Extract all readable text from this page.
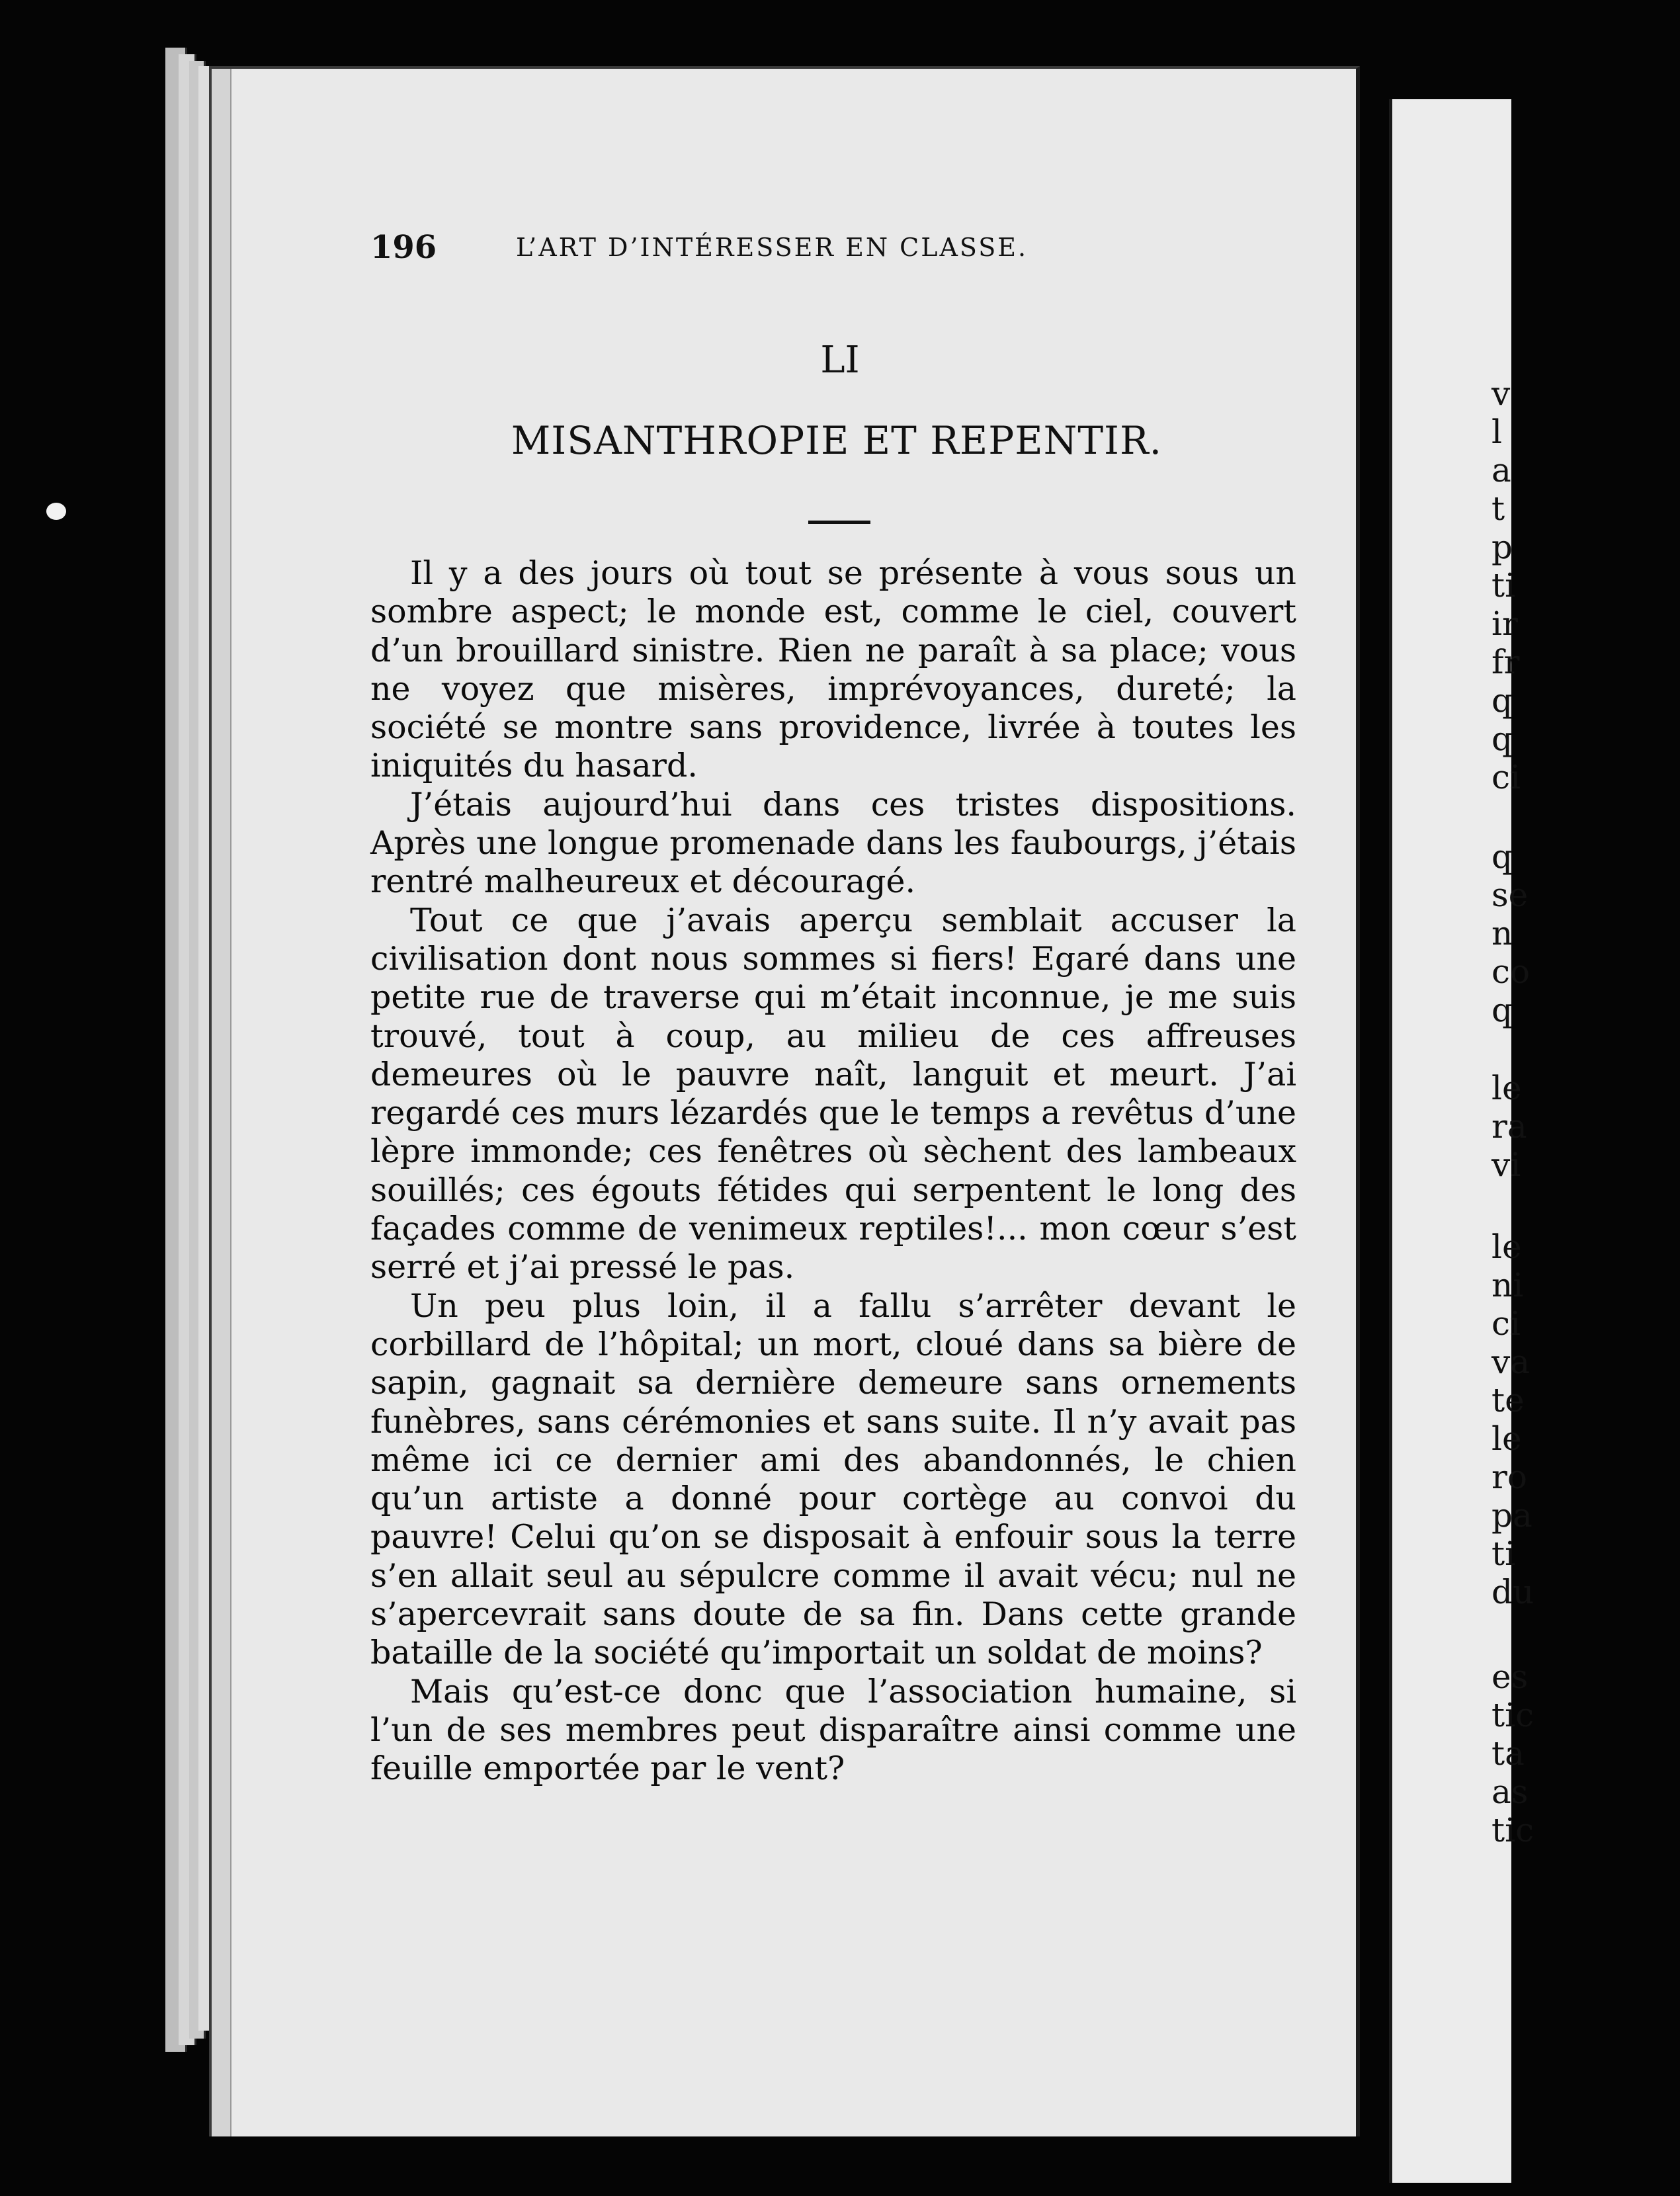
v
l
a
t
p
ti
ir
fr
q
q
ci
q
se
n
co
q
le
ra
vi
le
ni
ci
va
te
le
ro
pa
ti
du
es
tic
ta
as
tic
196	L’ART D’INTÉRESSER EN CLASSE.
LI
MISANTHROPIE ET REPENTIR.

Il y a des jours où tout se présente à vous sous un sombre aspect; le monde est, comme le ciel, couvert d’un brouillard sinistre. Rien ne paraît à sa place; vous ne voyez que misères, imprévoyances, dureté; la société se montre sans providence, livrée à toutes les iniquités du hasard.

J’étais aujourd’hui dans ces tristes dispositions. Après une longue promenade dans les faubourgs, j’étais rentré malheureux et découragé.

Tout ce que j’avais aperçu semblait accuser la civilisation dont nous sommes si fiers! Egaré dans une petite rue de traverse qui m’était inconnue, je me suis trouvé, tout à coup, au milieu de ces affreuses demeures où le pauvre naît, languit et meurt. J’ai regardé ces murs lézardés que le temps a revêtus d’une lèpre immonde; ces fenêtres où sèchent des lambeaux souillés; ces égouts fétides qui serpentent le long des façades comme de venimeux reptiles!... mon cœur s’est serré et j’ai pressé le pas.

Un peu plus loin, il a fallu s’arrêter devant le corbillard de l’hôpital; un mort, cloué dans sa bière de sapin, gagnait sa dernière demeure sans ornements funèbres, sans cérémonies et sans suite. Il n’y avait pas même ici ce dernier ami des abandonnés, le chien qu’un artiste a donné pour cortège au convoi du pauvre! Celui qu’on se disposait à enfouir sous la terre s’en allait seul au sépulcre comme il avait vécu; nul ne s’apercevrait sans doute de sa fin. Dans cette grande bataille de la société qu’importait un soldat de moins?

Mais qu’est-ce donc que l’association humaine, si l’un de ses membres peut disparaître ainsi comme une feuille emportée par le vent?
